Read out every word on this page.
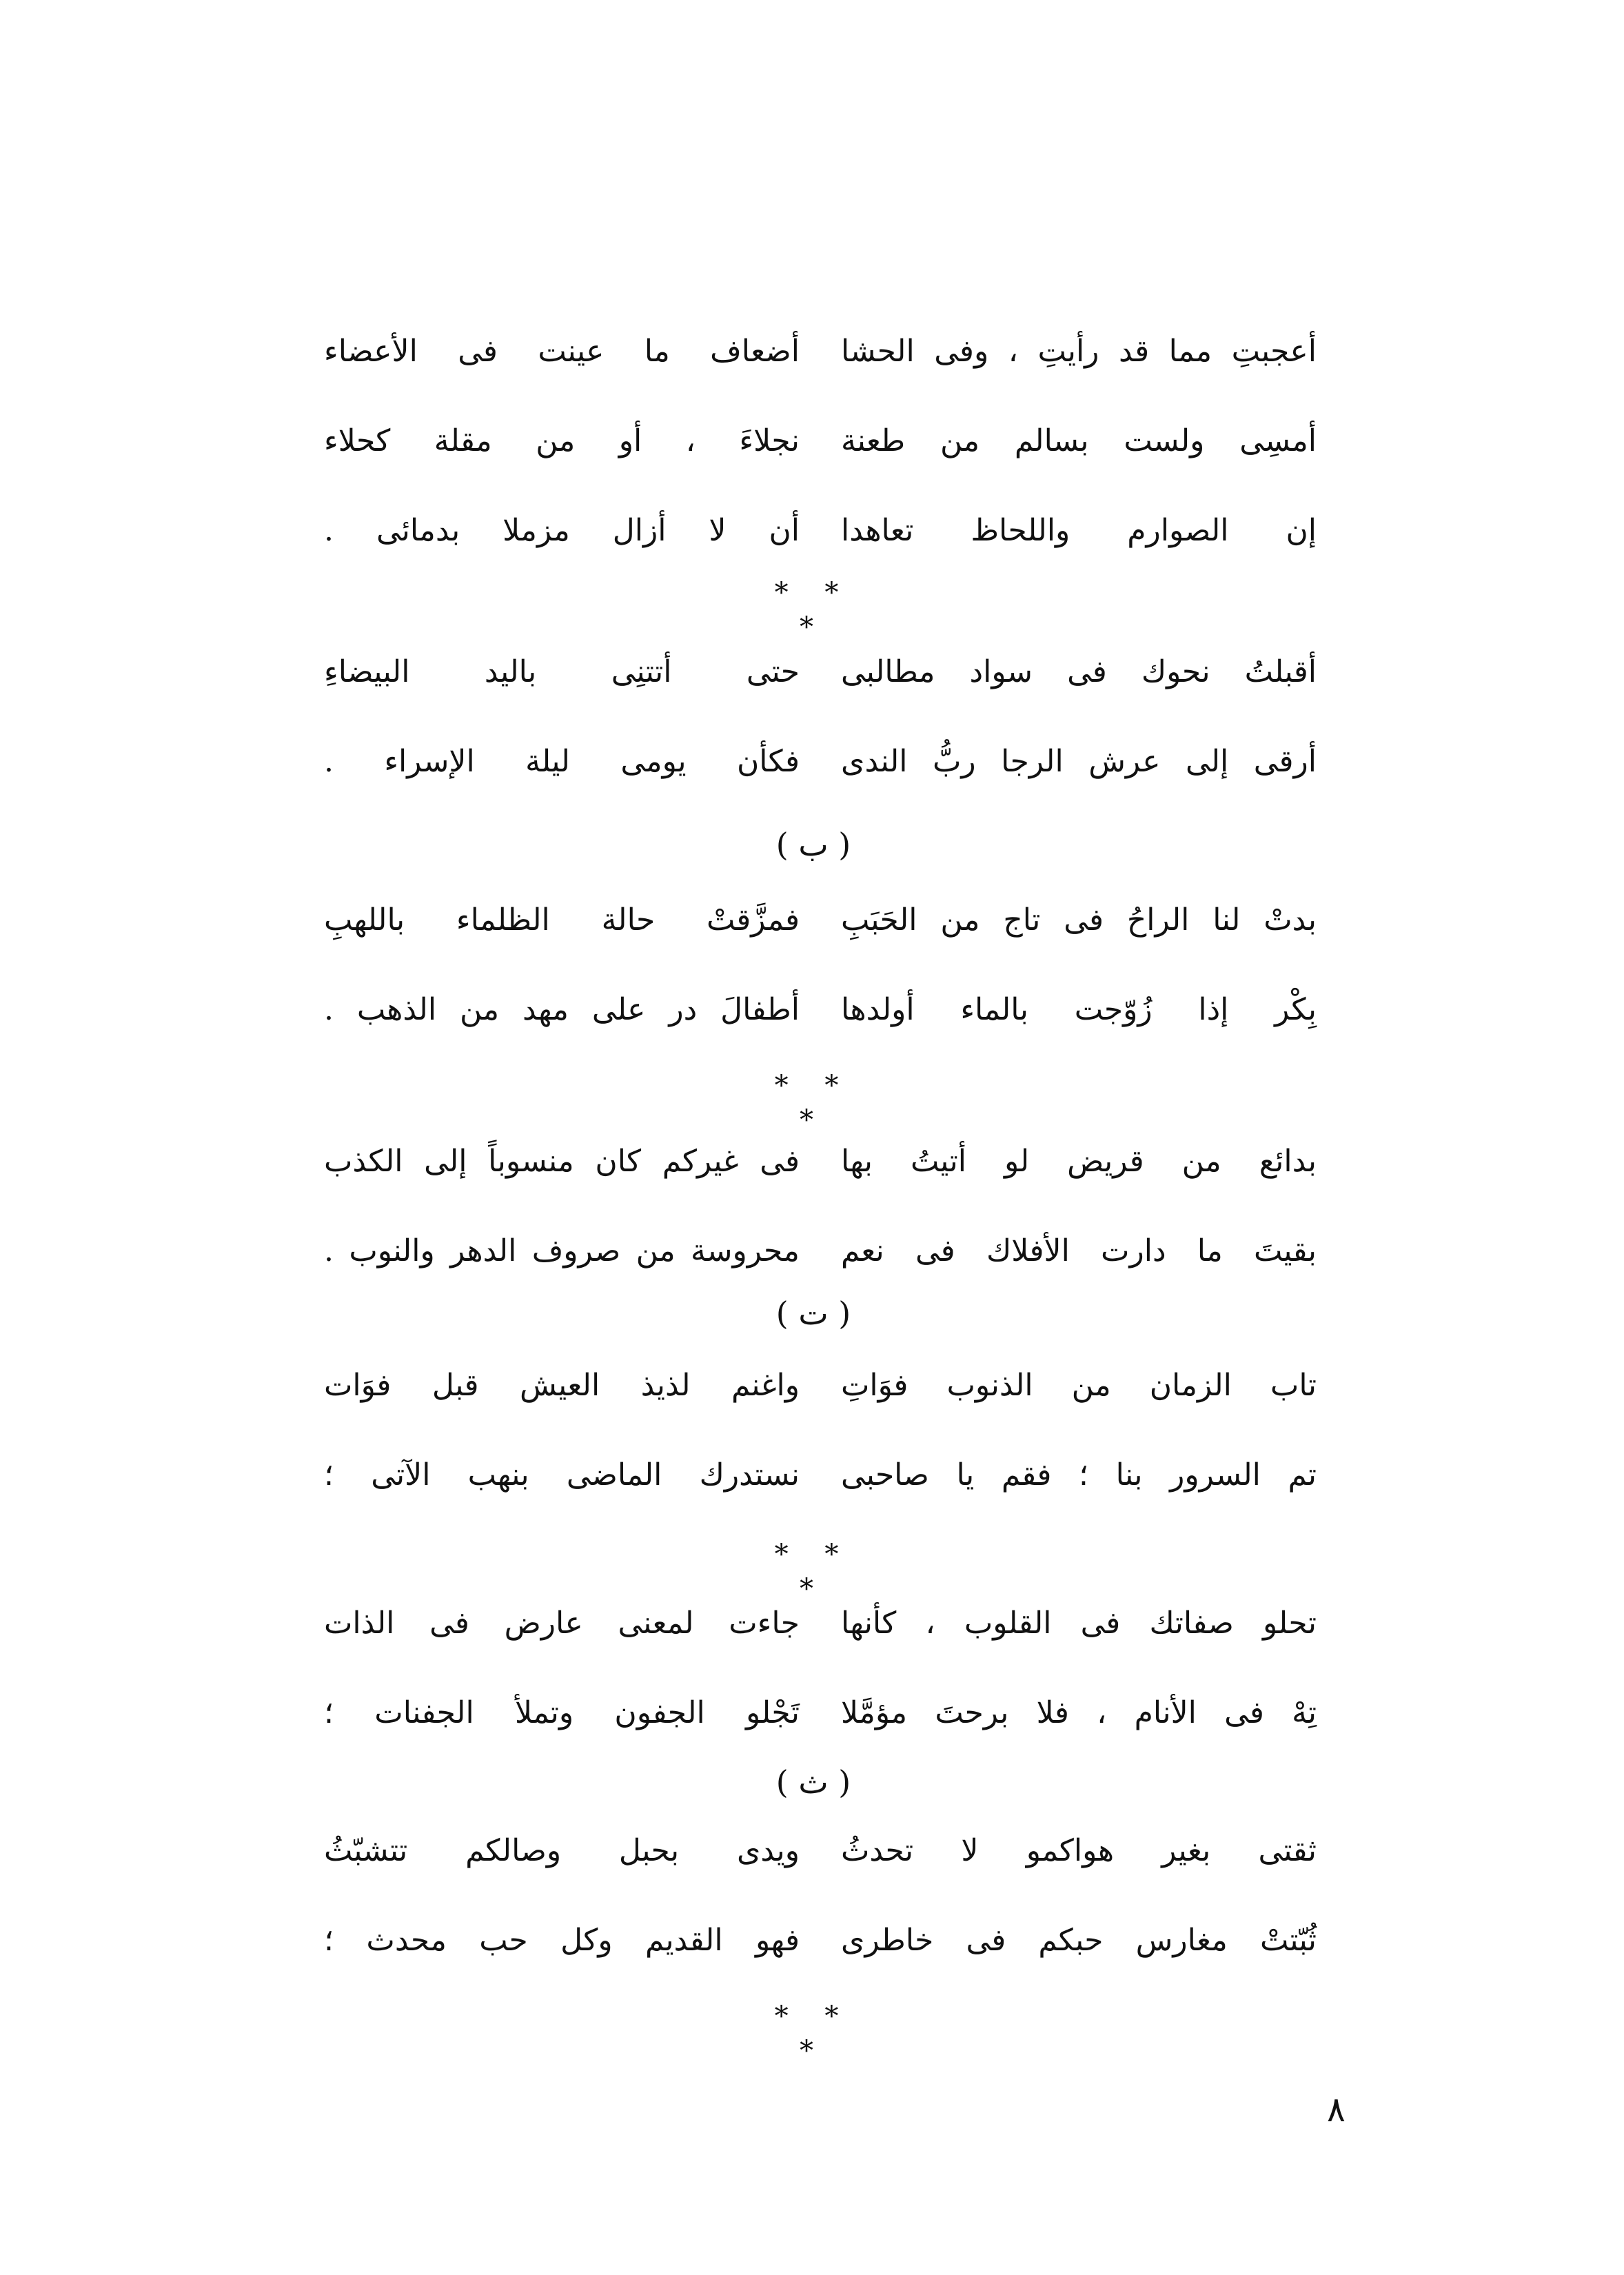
أعجبتِ مما قد رأيتِ ، وفى الحشا
أضعاف ما عينت فى الأعضاء
أمسِى ولست بسالم من طعنة
نجلاءَ ، أو من مقلة كحلاء
إن الصوارم واللحاظ تعاهدا
أن لا أزال مزملا بدمائى .
* * *
أقبلتُ نحوك فى سواد مطالبى
حتى أتتنِى باليد البيضاءِ
أرقى إلى عرش الرجا ربُّ الندى
فكأن يومى ليلة الإسراء .
( ب )
بدتْ لنا الراحُ فى تاج من الحَبَبِ
فمزَّقتْ حالة الظلماء باللهبِ
بِكْر إذا زُوّجت بالماء أولدها
أطفالَ در على مهد من الذهب .
* * *
بدائع من قريض لو أتيتُ بها
فى غيركم كان منسوباً إلى الكذب
بقيتَ ما دارت الأفلاك فى نعم
محروسة من صروف الدهر والنوب .
( ت )
تاب الزمان من الذنوب فوَاتِ
واغنم لذيذ العيش قبل فوَات
تم السرور بنا ؛ فقم يا صاحبى
نستدرك الماضى بنهب الآتى ؛
* * *
تحلو صفاتك فى القلوب ، كأنها
جاءت لمعنى عارض فى الذات
تِهْ فى الأنام ، فلا برحتَ مؤمَّلا
تَجْلو الجفون وتملأ الجفنات ؛
( ث )
ثقتى بغير هواكمو لا تحدثُ
ويدى بحبل وصالكم تتشبّثُ
ثُبّتتْ مغارس حبكم فى خاطرى
فهو القديم وكل حب محدث ؛
* * *
٨
